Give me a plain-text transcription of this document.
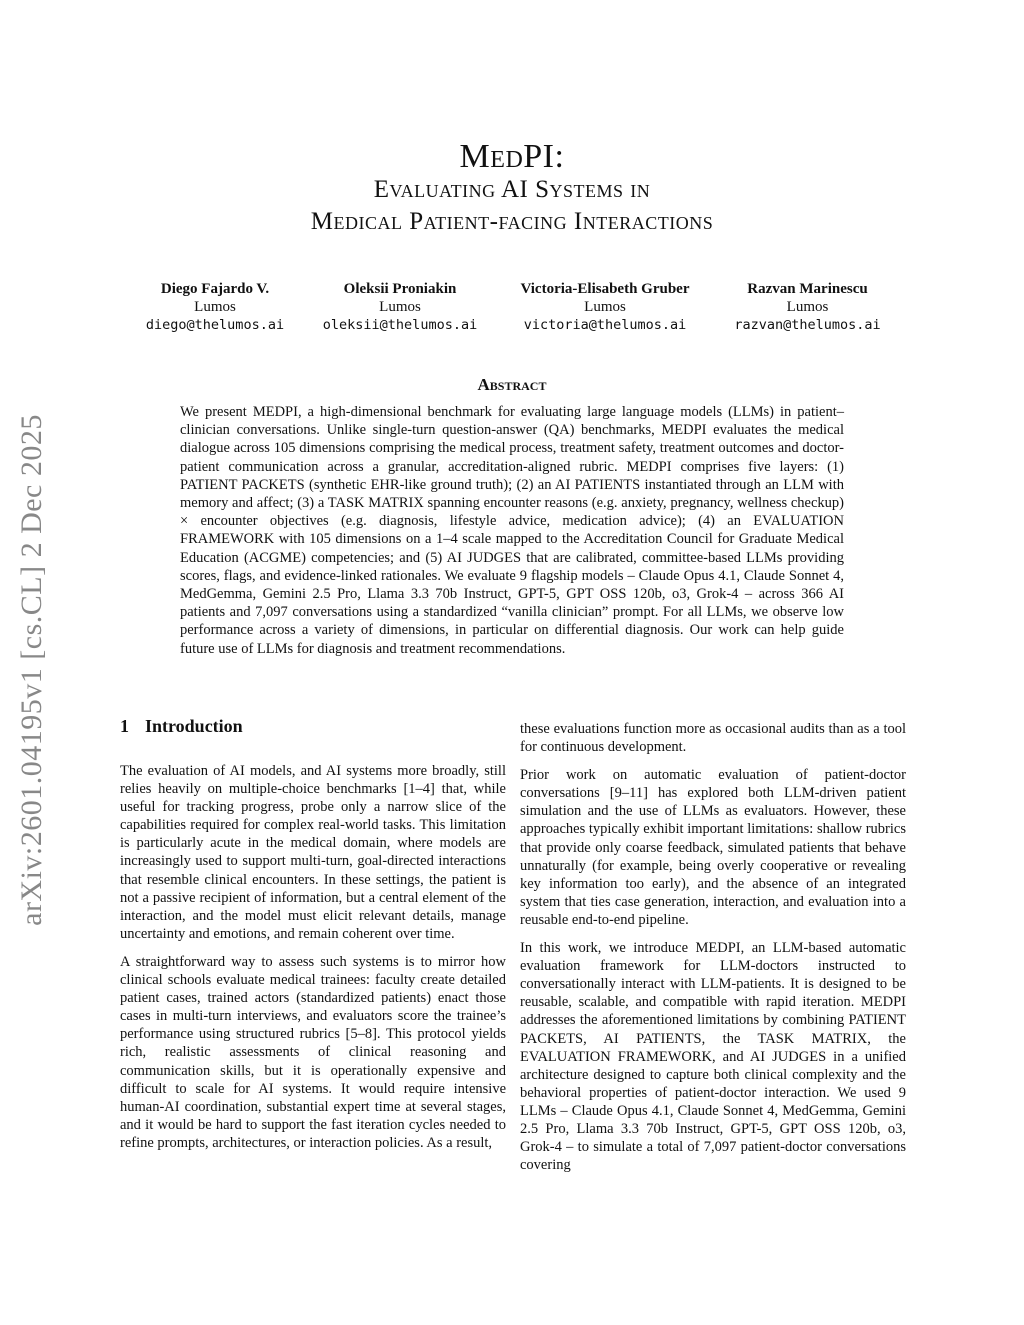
MedPI:
Evaluating AI Systems in
Medical Patient-facing Interactions
Diego Fajardo V.
Lumos
diego@thelumos.ai
Oleksii Proniakin
Lumos
oleksii@thelumos.ai
Victoria-Elisabeth Gruber
Lumos
victoria@thelumos.ai
Razvan Marinescu
Lumos
razvan@thelumos.ai
arXiv:2601.04195v1 [cs.CL] 2 Dec 2025
Abstract
We present MEDPI, a high-dimensional benchmark for evaluating large language models (LLMs) in patient–clinician conversations. Unlike single-turn question-answer (QA) benchmarks, MEDPI evaluates the medical dialogue across 105 dimensions comprising the medical process, treatment safety, treatment outcomes and doctor-patient communication across a granular, accreditation-aligned rubric. MEDPI comprises five layers: (1) PATIENT PACKETS (synthetic EHR-like ground truth); (2) an AI PATIENTS instantiated through an LLM with memory and affect; (3) a TASK MATRIX spanning encounter reasons (e.g. anxiety, pregnancy, wellness checkup) × encounter objectives (e.g. diagnosis, lifestyle advice, medication advice); (4) an EVALUATION FRAMEWORK with 105 dimensions on a 1–4 scale mapped to the Accreditation Council for Graduate Medical Education (ACGME) competencies; and (5) AI JUDGES that are calibrated, committee-based LLMs providing scores, flags, and evidence-linked rationales. We evaluate 9 flagship models – Claude Opus 4.1, Claude Sonnet 4, MedGemma, Gemini 2.5 Pro, Llama 3.3 70b Instruct, GPT-5, GPT OSS 120b, o3, Grok-4 – across 366 AI patients and 7,097 conversations using a standardized “vanilla clinician” prompt. For all LLMs, we observe low performance across a variety of dimensions, in particular on differential diagnosis. Our work can help guide future use of LLMs for diagnosis and treatment recommendations.
1 Introduction

The evaluation of AI models, and AI systems more broadly, still relies heavily on multiple-choice benchmarks [1–4] that, while useful for tracking progress, probe only a narrow slice of the capabilities required for complex real-world tasks. This limitation is particularly acute in the medical domain, where models are increasingly used to support multi-turn, goal-directed interactions that resemble clinical encounters. In these settings, the patient is not a passive recipient of information, but a central element of the interaction, and the model must elicit relevant details, manage uncertainty and emotions, and remain coherent over time.

A straightforward way to assess such systems is to mirror how clinical schools evaluate medical trainees: faculty create detailed patient cases, trained actors (standardized patients) enact those cases in multi-turn interviews, and evaluators score the trainee’s performance using structured rubrics [5–8]. This protocol yields rich, realistic assessments of clinical reasoning and communication skills, but it is operationally expensive and difficult to scale for AI systems. It would require intensive human-AI coordination, substantial expert time at several stages, and it would be hard to support the fast iteration cycles needed to refine prompts, architectures, or interaction policies. As a result,

these evaluations function more as occasional audits than as a tool for continuous development.

Prior work on automatic evaluation of patient-doctor conversations [9–11] has explored both LLM-driven patient simulation and the use of LLMs as evaluators. However, these approaches typically exhibit important limitations: shallow rubrics that provide only coarse feedback, simulated patients that behave unnaturally (for example, being overly cooperative or revealing key information too early), and the absence of an integrated system that ties case generation, interaction, and evaluation into a reusable end-to-end pipeline.

In this work, we introduce MEDPI, an LLM-based automatic evaluation framework for LLM-doctors instructed to conversationally interact with LLM-patients. It is designed to be reusable, scalable, and compatible with rapid iteration. MEDPI addresses the aforementioned limitations by combining PATIENT PACKETS, AI PATIENTS, the TASK MATRIX, the EVALUATION FRAMEWORK, and AI JUDGES in a unified architecture designed to capture both clinical complexity and the behavioral properties of patient-doctor interaction. We used 9 LLMs – Claude Opus 4.1, Claude Sonnet 4, MedGemma, Gemini 2.5 Pro, Llama 3.3 70b Instruct, GPT-5, GPT OSS 120b, o3, Grok-4 – to simulate a total of 7,097 patient-doctor conversations covering
